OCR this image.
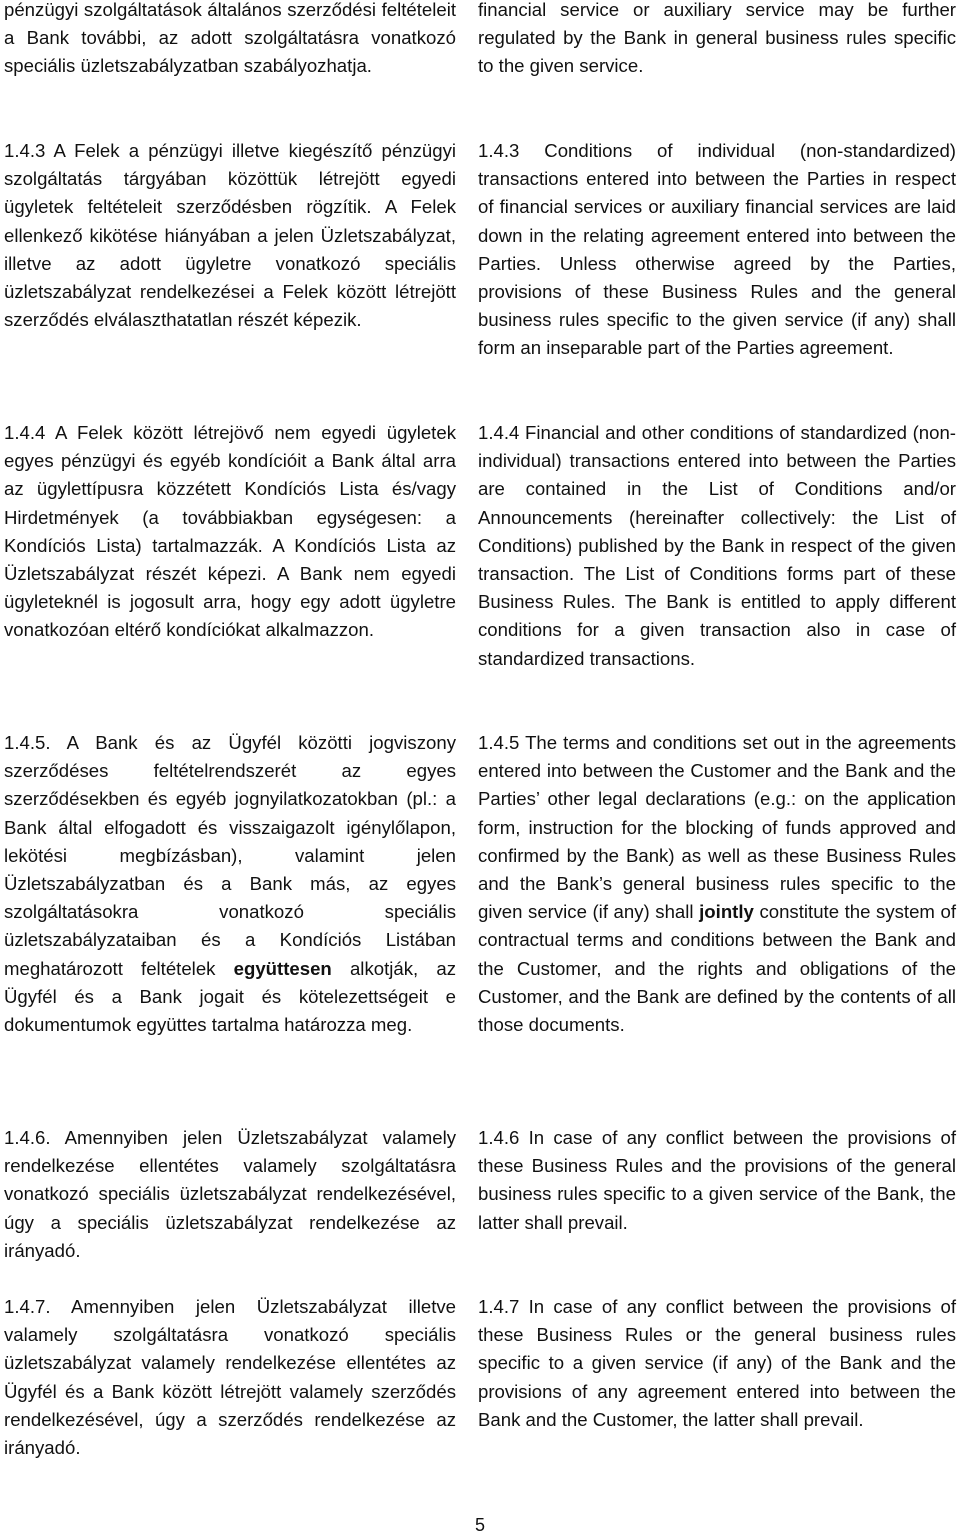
pénzügyi szolgáltatások általános szerződési feltételeit a Bank további, az adott szolgáltatásra vonatkozó speciális üzletszabályzatban szabályozhatja.

1.4.3 A Felek a pénzügyi illetve kiegészítő pénzügyi szolgáltatás tárgyában közöttük létrejött egyedi ügyletek feltételeit szerződésben rögzítik. A Felek ellenkező kikötése hiányában a jelen Üzletszabályzat, illetve az adott ügyletre vonatkozó speciális üzletszabályzat rendelkezései a Felek között létrejött szerződés elválaszthatatlan részét képezik.

1.4.4 A Felek között létrejövő nem egyedi ügyletek egyes pénzügyi és egyéb kondícióit a Bank által arra az ügylettípusra közzétett Kondíciós Lista és/vagy Hirdetmények (a továbbiakban egységesen: a Kondíciós Lista) tartalmazzák. A Kondíciós Lista az Üzletszabályzat részét képezi. A Bank nem egyedi ügyleteknél is jogosult arra, hogy egy adott ügyletre vonatkozóan eltérő kondíciókat alkalmazzon.

1.4.5. A Bank és az Ügyfél közötti jogviszony szerződéses feltételrendszerét az egyes szerződésekben és egyéb jognyilatkozatokban (pl.: a Bank által elfogadott és visszaigazolt igénylőlapon, lekötési megbízásban), valamint jelen Üzletszabályzatban és a Bank más, az egyes szolgáltatásokra vonatkozó speciális üzletszabályzataiban és a Kondíciós Listában meghatározott feltételek együttesen alkotják, az Ügyfél és a Bank jogait és kötelezettségeit e dokumentumok együttes tartalma határozza meg.

1.4.6. Amennyiben jelen Üzletszabályzat valamely rendelkezése ellentétes valamely szolgáltatásra vonatkozó speciális üzletszabályzat rendelkezésével, úgy a speciális üzletszabályzat rendelkezése az irányadó.

1.4.7. Amennyiben jelen Üzletszabályzat illetve valamely szolgáltatásra vonatkozó speciális üzletszabályzat valamely rendelkezése ellentétes az Ügyfél és a Bank között létrejött valamely szerződés rendelkezésével, úgy a szerződés rendelkezése az irányadó.

financial service or auxiliary service may be further regulated by the Bank in general business rules specific to the given service.

1.4.3 Conditions of individual (non-standardized) transactions entered into between the Parties in respect of financial services or auxiliary financial services are laid down in the relating agreement entered into between the Parties. Unless otherwise agreed by the Parties, provisions of these Business Rules and the general business rules specific to the given service (if any) shall form an inseparable part of the Parties agreement.

1.4.4 Financial and other conditions of standardized (non-individual) transactions entered into between the Parties are contained in the List of Conditions and/or Announcements (hereinafter collectively: the List of Conditions) published by the Bank in respect of the given transaction. The List of Conditions forms part of these Business Rules. The Bank is entitled to apply different conditions for a given transaction also in case of standardized transactions.

1.4.5 The terms and conditions set out in the agreements entered into between the Customer and the Bank and the Parties’ other legal declarations (e.g.: on the application form, instruction for the blocking of funds approved and confirmed by the Bank) as well as these Business Rules and the Bank’s general business rules specific to the given service (if any) shall jointly constitute the system of contractual terms and conditions between the Bank and the Customer, and the rights and obligations of the Customer, and the Bank are defined by the contents of all those documents.

1.4.6 In case of any conflict between the provisions of these Business Rules and the provisions of the general business rules specific to a given service of the Bank, the latter shall prevail.

1.4.7 In case of any conflict between the provisions of these Business Rules or the general business rules specific to a given service (if any) of the Bank and the provisions of any agreement entered into between the Bank and the Customer, the latter shall prevail.

5
